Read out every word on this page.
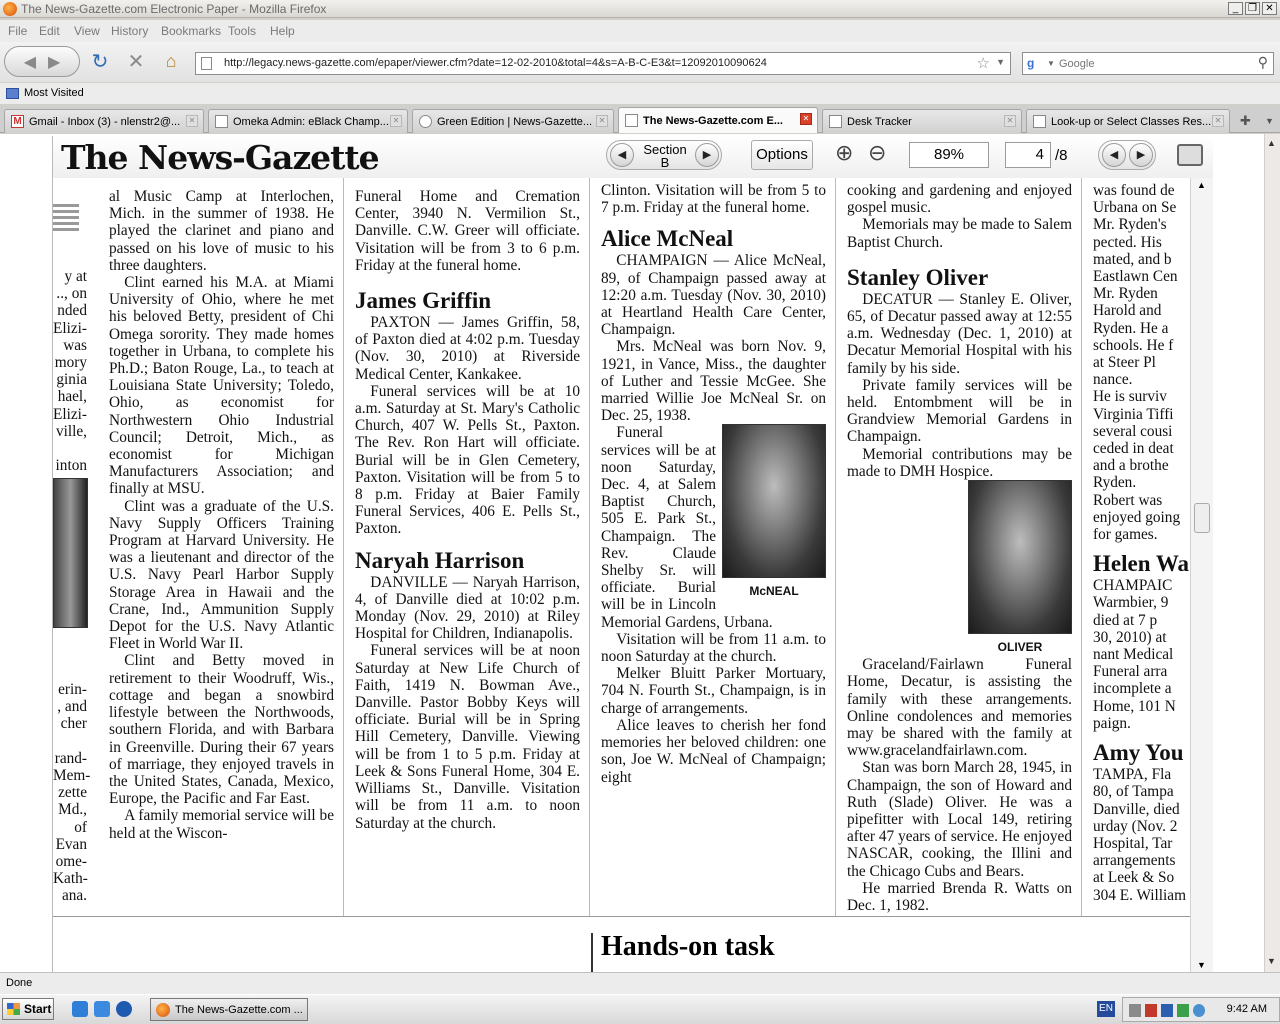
The News-Gazette.com Electronic Paper - Mozilla Firefox	_ ❐ ✕
File Edit View History Bookmarks Tools Help
◀ ▶ ↻ ✕	⌂	http://legacy.news-gazette.com/epaper/viewer.cfm?date=12-02-2010&total=4&s=A-B-C-E3&t=12092010090624	☆ ▼ g	▼
Google	⚲
Most Visited
M Gmail - Inbox (3) - nlenstr2@...	✕	Omeka Admin: eBlack Champ... ✕	Green Edition | News-Gazette... ✕	The News-Gazette.com E...	✕	Desk Tracker	✕	Look-up or Select Classes Res... ✕ ✚ ▼
▲
▼
The News-Gazette	◀	Section
B	▶	Options ⊕ ⊖	89%	4 /8	◀	▶
y at
.., on
nded
Elizi-
was
mory
ginia
hael,
Elizi-
ville,

inton

erin-
, and
cher

rand-
Mem-
zette
Md.,
of
Evan
ome-
Kath-
ana.

al Music Camp at Interlochen, Mich. in the summer of 1938. He played the clarinet and piano and passed on his love of music to his three daughters.

Clint earned his M.A. at Miami University of Ohio, where he met his beloved Betty, president of Chi Omega sorority. They made homes together in Urbana, to complete his Ph.D.; Baton Rouge, La., to teach at Louisiana State University; Toledo, Ohio, as economist for Northwestern Ohio Industrial Council; Detroit, Mich., as economist for Michigan Manufacturers Association; and finally at MSU.

Clint was a graduate of the U.S. Navy Supply Officers Training Program at Harvard University. He was a lieutenant and director of the U.S. Navy Pearl Harbor Supply Storage Area in Hawaii and the Crane, Ind., Ammunition Supply Depot for the U.S. Navy Atlantic Fleet in World War II.

Clint and Betty moved in retirement to their Woodruff, Wis., cottage and began a snowbird lifestyle between the Northwoods, southern Florida, and with Barbara in Greenville. During their 67 years of marriage, they enjoyed travels in the United States, Canada, Mexico, Europe, the Pacific and Far East.

A family memorial service will be held at the Wiscon-

Funeral Home and Cremation Center, 3940 N. Vermilion St., Danville. C.W. Greer will officiate. Visitation will be from 3 to 6 p.m. Friday at the funeral home.

James Griffin

PAXTON — James Griffin, 58, of Paxton died at 4:02 p.m. Tuesday (Nov. 30, 2010) at Riverside Medical Center, Kankakee.

Funeral services will be at 10 a.m. Saturday at St. Mary's Catholic Church, 407 W. Pells St., Paxton. The Rev. Ron Hart will officiate. Burial will be in Glen Cemetery, Paxton. Visitation will be from 5 to 8 p.m. Friday at Baier Family Funeral Services, 406 E. Pells St., Paxton.

Naryah Harrison

DANVILLE — Naryah Harrison, 4, of Danville died at 10:02 p.m. Monday (Nov. 29, 2010) at Riley Hospital for Children, Indianapolis.

Funeral services will be at noon Saturday at New Life Church of Faith, 1419 N. Bowman Ave., Danville. Pastor Bobby Keys will officiate. Burial will be in Spring Hill Cemetery, Danville. Viewing will be from 1 to 5 p.m. Friday at Leek & Sons Funeral Home, 304 E. Williams St., Danville. Visitation will be from 11 a.m. to noon Saturday at the church.

Clinton. Visitation will be from 5 to 7 p.m. Friday at the funeral home.

Alice McNeal

CHAMPAIGN — Alice McNeal, 89, of Champaign passed away at 12:20 a.m. Tuesday (Nov. 30, 2010) at Heartland Health Care Center, Champaign.

Mrs. McNeal was born Nov. 9, 1921, in Vance, Miss., the daughter of Luther and Tessie McGee. She married Willie Joe McNeal Sr. on Dec. 25, 1938.

McNEAL

Funeral services will be at noon Saturday, Dec. 4, at Salem Baptist Church, 505 E. Park St., Champaign. The Rev. Claude Shelby Sr. will officiate. Burial will be in Lincoln Memorial Gardens, Urbana.

Visitation will be from 11 a.m. to noon Saturday at the church.

Melker Bluitt Parker Mortuary, 704 N. Fourth St., Champaign, is in charge of arrangements.

Alice leaves to cherish her fond memories her beloved children: one son, Joe W. McNeal of Champaign; eight

cooking and gardening and enjoyed gospel music.

Memorials may be made to Salem Baptist Church.

Stanley Oliver

DECATUR — Stanley E. Oliver, 65, of Decatur passed away at 12:55 a.m. Wednesday (Dec. 1, 2010) at Decatur Memorial Hospital with his family by his side.

Private family services will be held. Entombment will be in Grandview Memorial Gardens in Champaign.

Memorial contributions may be made to DMH Hospice.

OLIVER

Graceland/Fairlawn Funeral Home, Decatur, is assisting the family with these arrangements. Online condolences and memories may be shared with the family at www.gracelandfairlawn.com.

Stan was born March 28, 1945, in Champaign, the son of Howard and Ruth (Slade) Oliver. He was a pipefitter with Local 149, retiring after 47 years of service. He enjoyed NASCAR, cooking, the Illini and the Chicago Cubs and Bears.

He married Brenda R. Watts on Dec. 1, 1982.

was found de
Urbana on Se
Mr. Ryden's
pected. His
mated, and b
Eastlawn Cen
Mr. Ryden
Harold and
Ryden. He a
schools. He f
at Steer Pl
nance.
He is surviv
Virginia Tiffi
several cousi
ceded in deat
and a brothe
Ryden.
Robert was
enjoyed going
for games.
Helen Wa
CHAMPAIC
Warmbier, 9
died at 7 p
30, 2010) at
nant Medical
Funeral arra
incomplete a
Home, 101 N
paign.
Amy You
TAMPA, Fla
80, of Tampa
Danville, died
urday (Nov. 2
Hospital, Tar
arrangements
at Leek & So
304 E. William
Hands-on task
▲
▼
Done
Start	The News-Gazette.com ...	EN	9:42 AM
